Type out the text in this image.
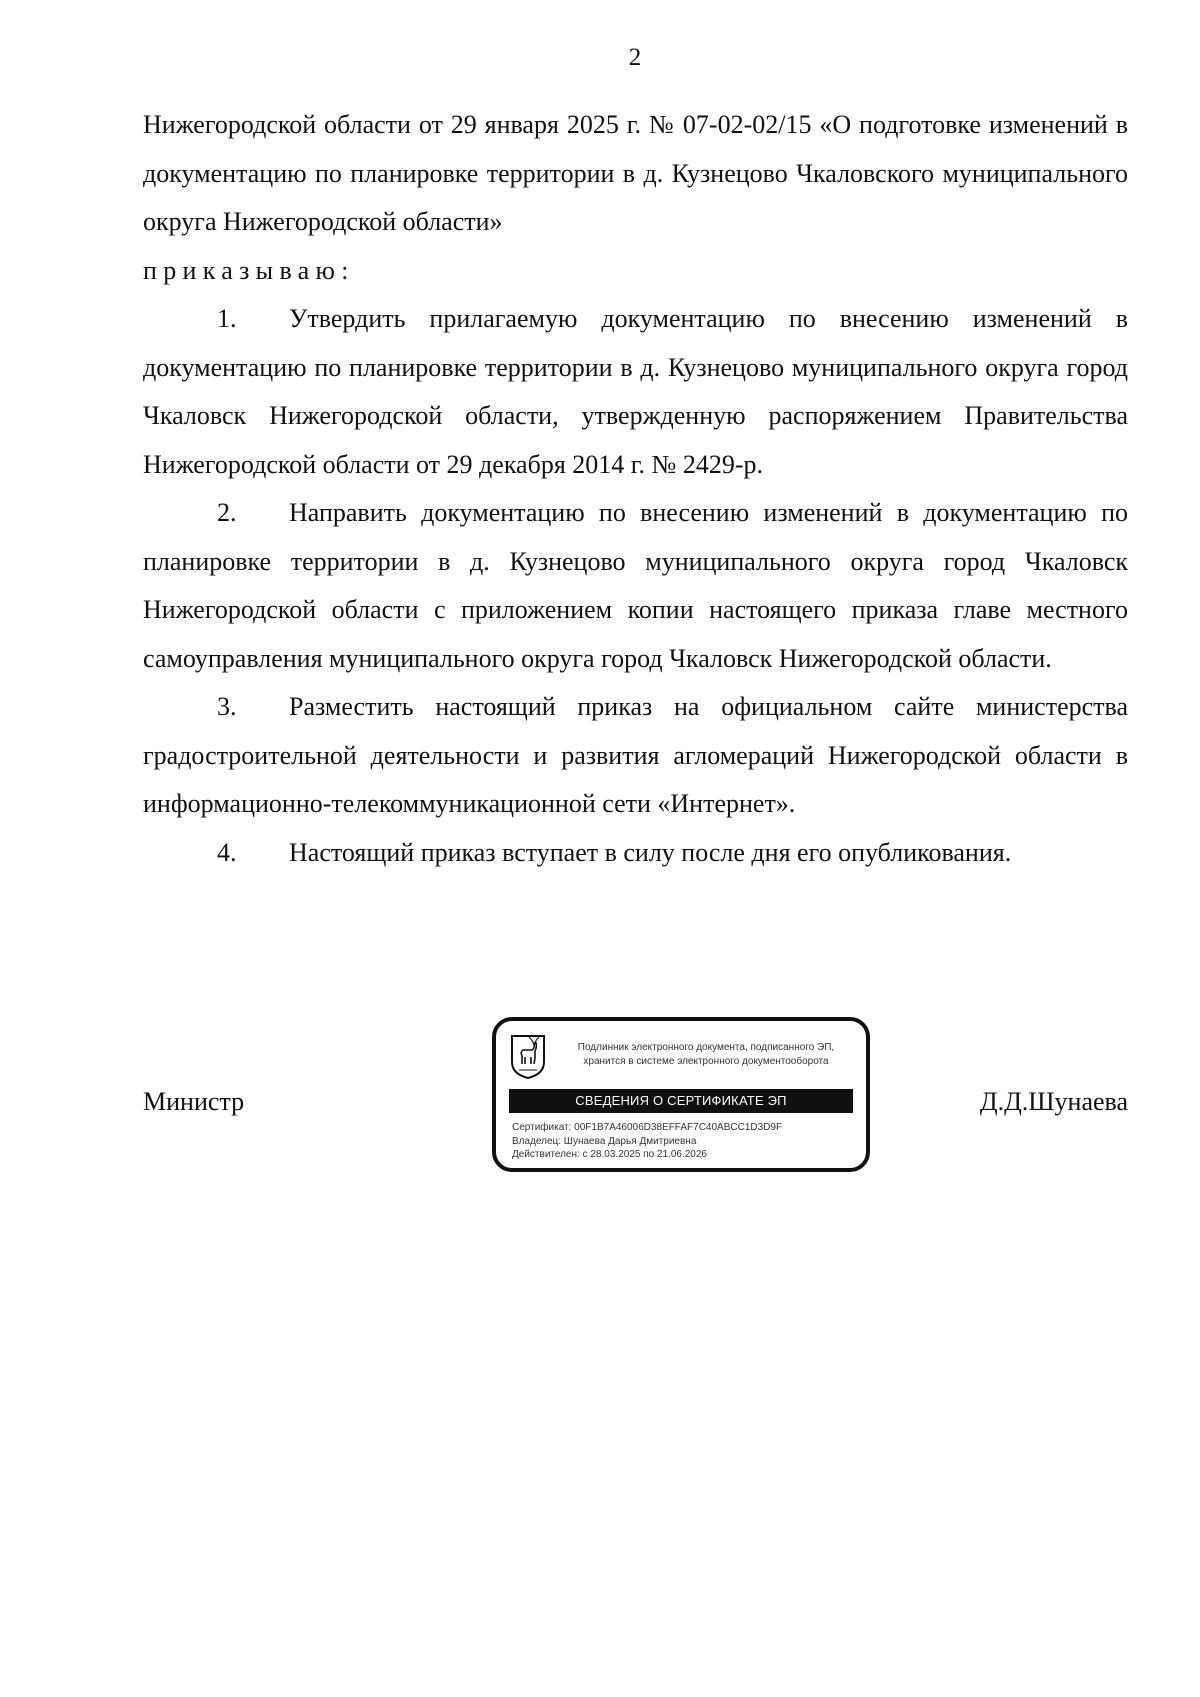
2

Нижегородской области от 29 января 2025 г. № 07-02-02/15 «О подготовке изменений в документацию по планировке территории в д. Кузнецово Чкаловского муниципального округа Нижегородской области»

приказываю:

1. Утвердить прилагаемую документацию по внесению изменений в документацию по планировке территории в д. Кузнецово муниципального округа город Чкаловск Нижегородской области, утвержденную распоряжением Правительства Нижегородской области от 29 декабря 2014 г. № 2429-р.

2. Направить документацию по внесению изменений в документацию по планировке территории в д. Кузнецово муниципального округа город Чкаловск Нижегородской области с приложением копии настоящего приказа главе местного самоуправления муниципального округа город Чкаловск Нижегородской области.

3. Разместить настоящий приказ на официальном сайте министерства градостроительной деятельности и развития агломераций Нижегородской области в информационно-телекоммуникационной сети «Интернет».

4. Настоящий приказ вступает в силу после дня его опубликования.

Министр	Д.Д.Шунаева
Подлинник электронного документа, подписанного ЭП,
хранится в системе электронного документооборота
СВЕДЕНИЯ О СЕРТИФИКАТЕ ЭП
Сертификат: 00F1B7A46006D38EFFAF7C40ABCC1D3D9F
Владелец: Шунаева Дарья Дмитриевна
Действителен: с 28.03.2025 по 21.06.2026
